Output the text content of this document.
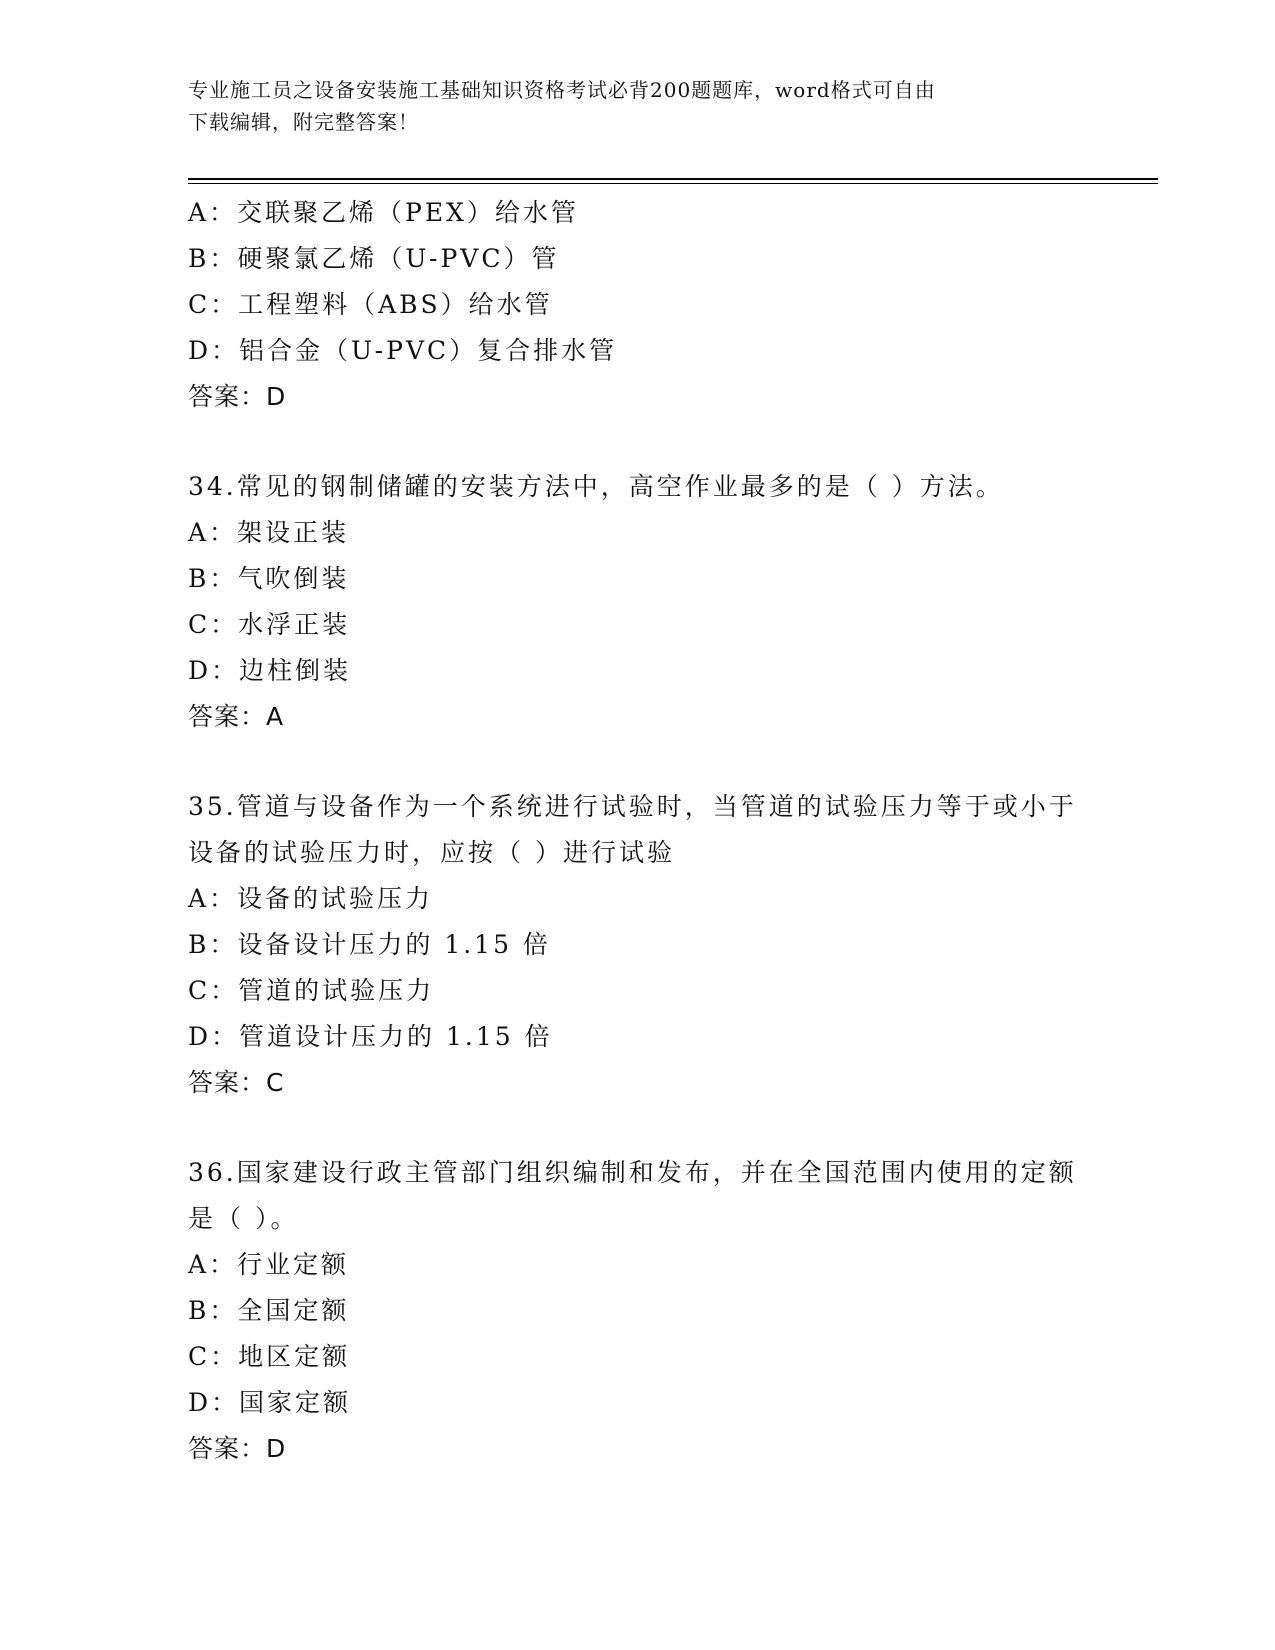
专业施工员之设备安装施工基础知识资格考试必背200题题库，word格式可自由
下载编辑，附完整答案！
A：交联聚乙烯（PEX）给水管
B：硬聚氯乙烯（U-PVC）管
C：工程塑料（ABS）给水管
D：铝合金（U-PVC）复合排水管
答案：D
34.常见的钢制储罐的安装方法中，高空作业最多的是（ ）方法。
A：架设正装
B：气吹倒装
C：水浮正装
D：边柱倒装
答案：A
35.管道与设备作为一个系统进行试验时，当管道的试验压力等于或小于设备的试验压力时，应按（ ）进行试验
A：设备的试验压力
B：设备设计压力的 1.15 倍
C：管道的试验压力
D：管道设计压力的 1.15 倍
答案：C
36.国家建设行政主管部门组织编制和发布，并在全国范围内使用的定额是（ ）。
A：行业定额
B：全国定额
C：地区定额
D：国家定额
答案：D
